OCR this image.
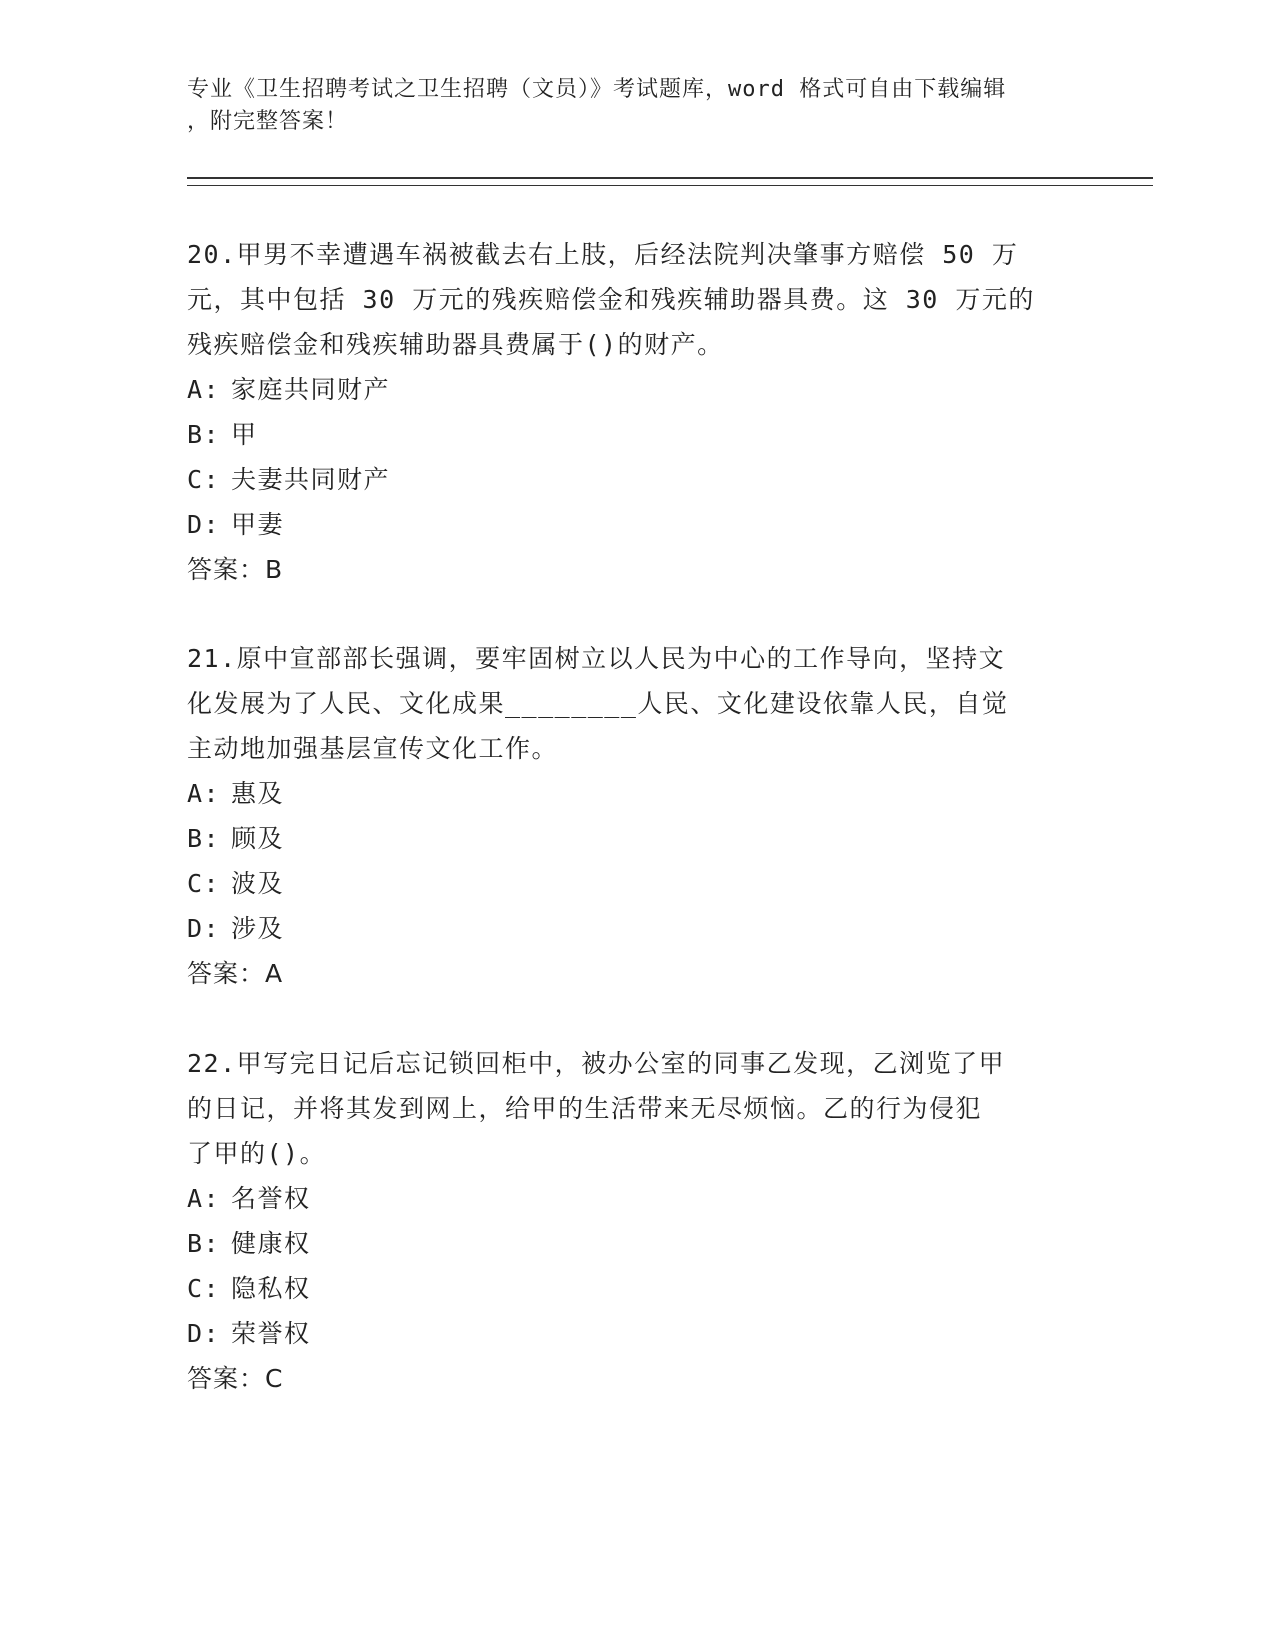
专业《卫生招聘考试之卫生招聘（文员）》考试题库，word 格式可自由下载编辑
，附完整答案！

20.甲男不幸遭遇车祸被截去右上肢，后经法院判决肇事方赔偿 50 万

元，其中包括 30 万元的残疾赔偿金和残疾辅助器具费。这 30 万元的

残疾赔偿金和残疾辅助器具费属于()的财产。

A: 家庭共同财产

B: 甲

C: 夫妻共同财产

D: 甲妻

答案：B

21.原中宣部部长强调，要牢固树立以人民为中心的工作导向，坚持文

化发展为了人民、文化成果________人民、文化建设依靠人民，自觉

主动地加强基层宣传文化工作。

A: 惠及

B: 顾及

C: 波及

D: 涉及

答案：A

22.甲写完日记后忘记锁回柜中，被办公室的同事乙发现，乙浏览了甲

的日记，并将其发到网上，给甲的生活带来无尽烦恼。乙的行为侵犯

了甲的()。

A: 名誉权

B: 健康权

C: 隐私权

D: 荣誉权

答案：C
